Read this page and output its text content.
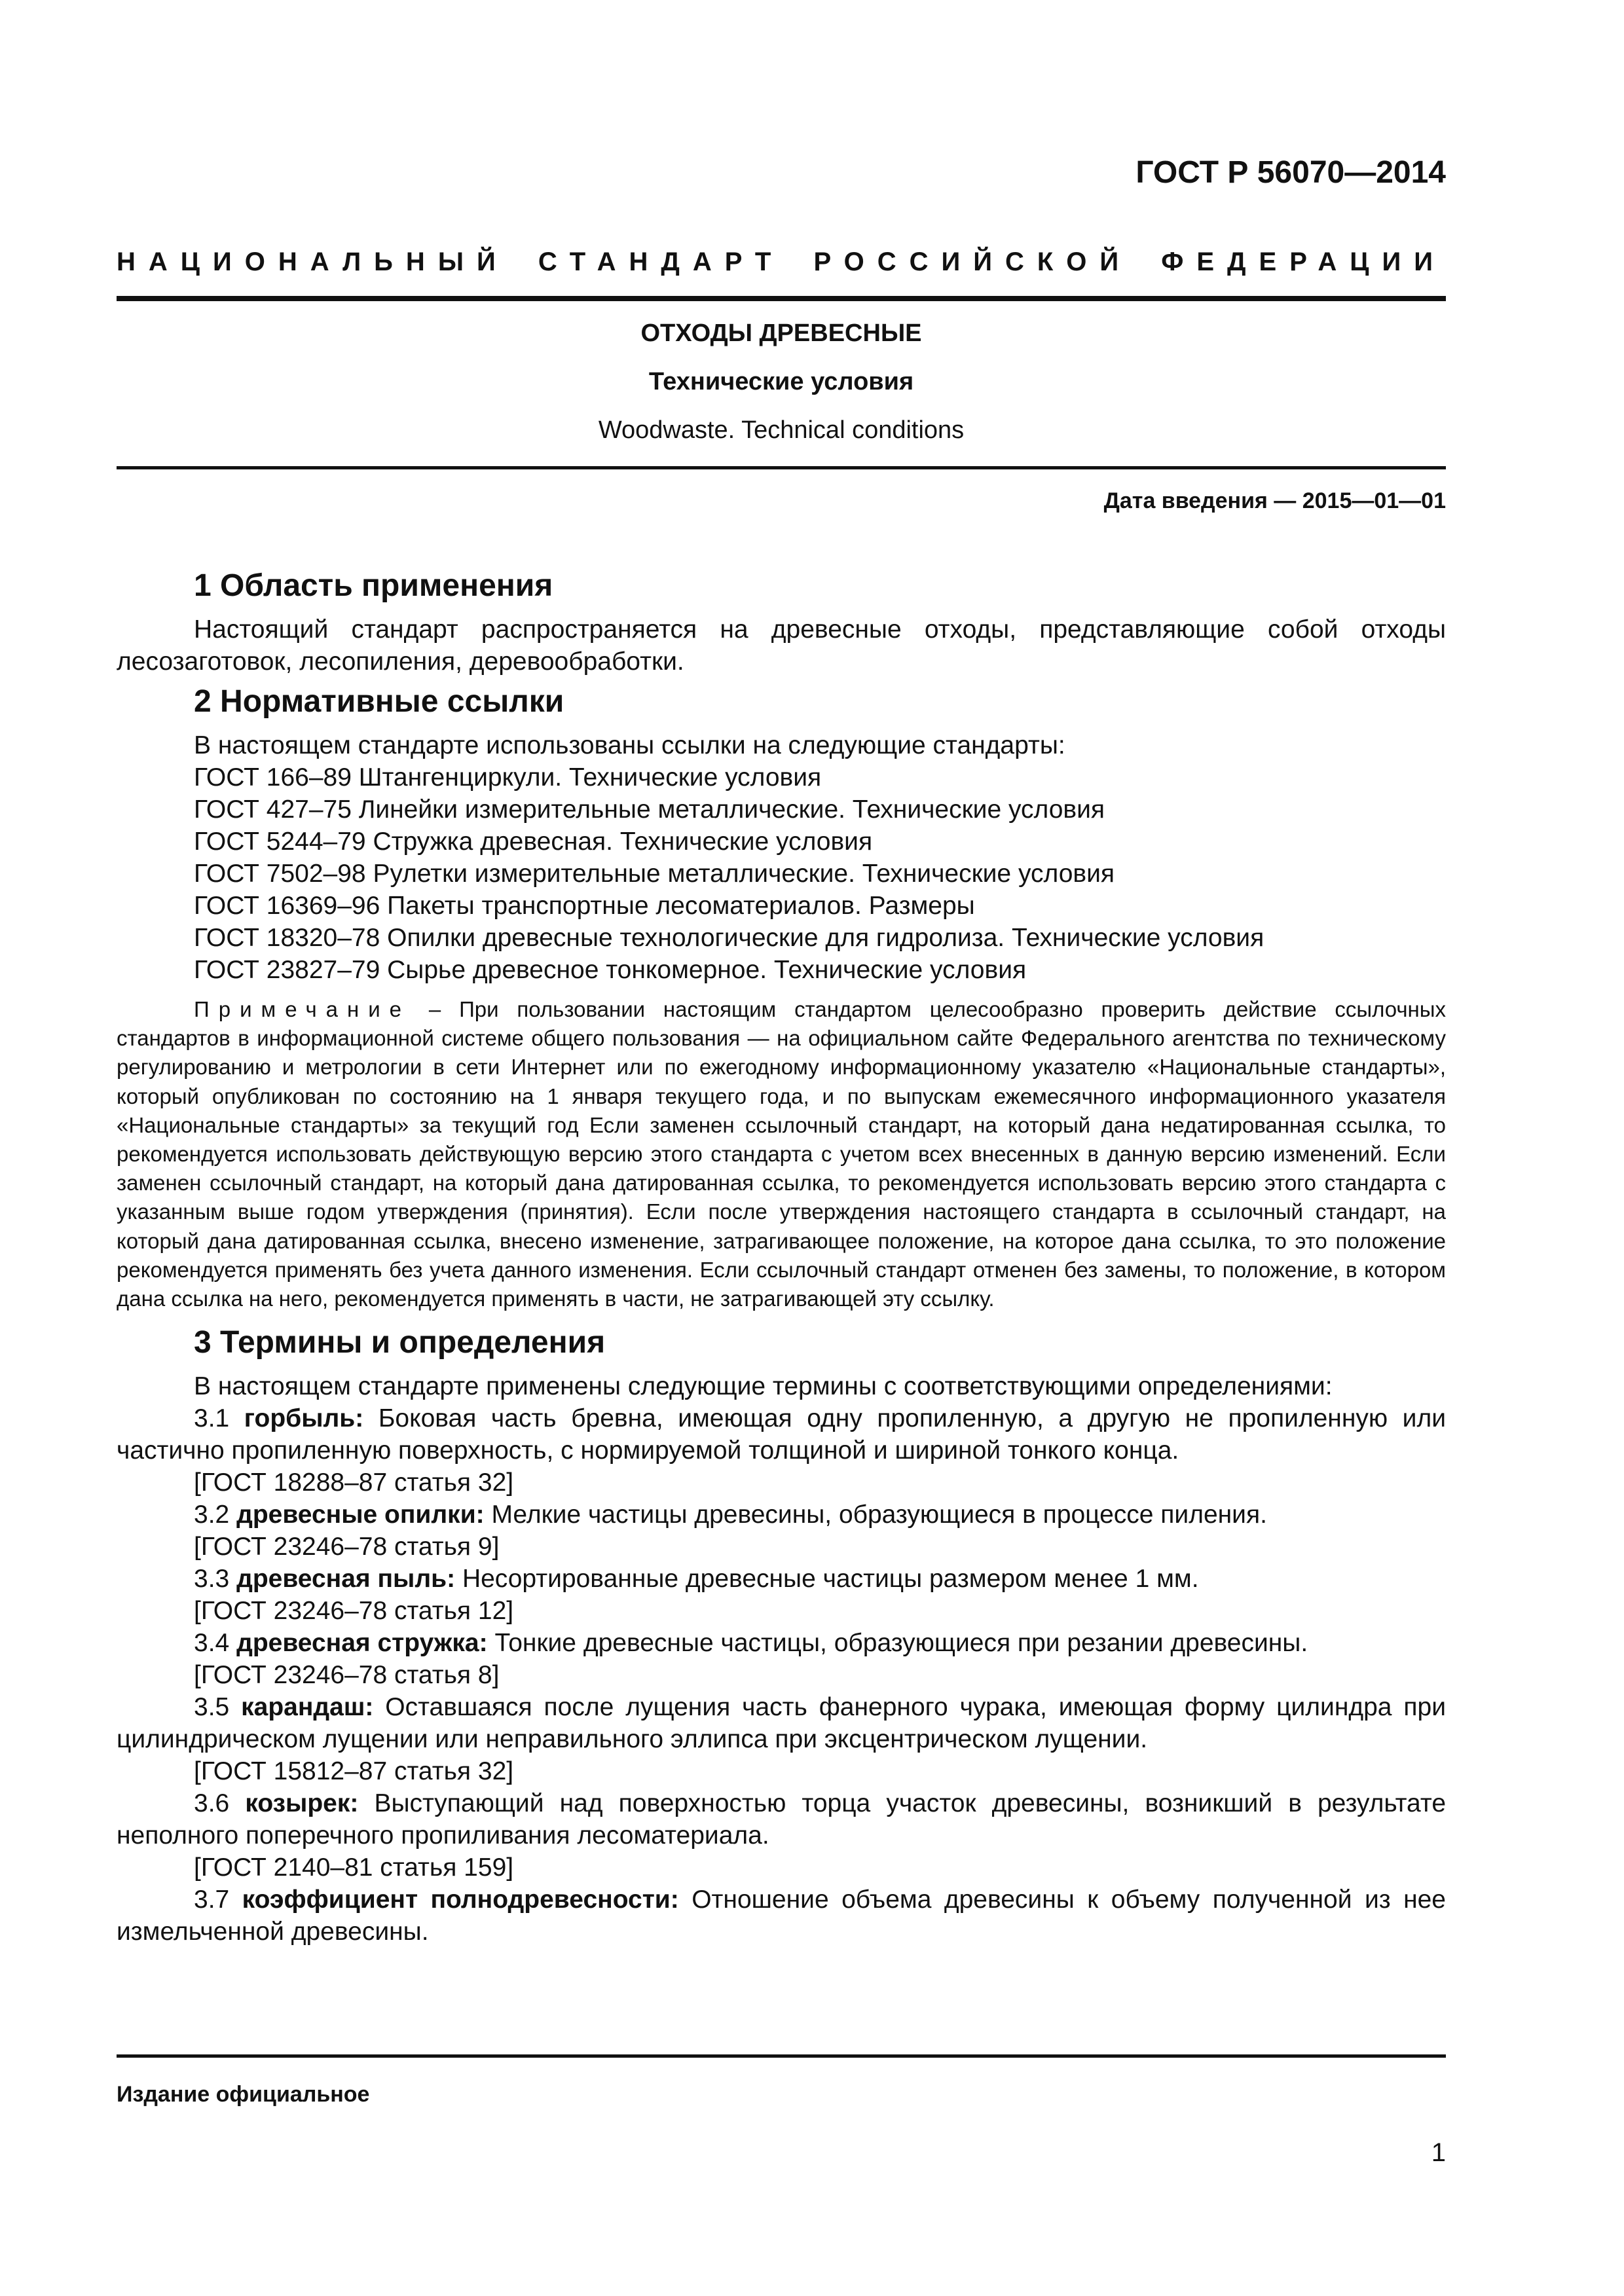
ГОСТ Р 56070—2014
НАЦИОНАЛЬНЫЙ СТАНДАРТ РОССИЙСКОЙ ФЕДЕРАЦИИ
ОТХОДЫ ДРЕВЕСНЫЕ
Технические условия
Woodwaste. Technical conditions
Дата введения — 2015—01—01
1 Область применения

Настоящий стандарт распространяется на древесные отходы, представляющие собой отходы лесозаготовок, лесопиления, деревообработки.

2 Нормативные ссылки

В настоящем стандарте использованы ссылки на следующие стандарты:

ГОСТ 166–89 Штангенциркули. Технические условия

ГОСТ 427–75 Линейки измерительные металлические. Технические условия

ГОСТ 5244–79 Стружка древесная. Технические условия

ГОСТ 7502–98 Рулетки измерительные металлические. Технические условия

ГОСТ 16369–96 Пакеты транспортные лесоматериалов. Размеры

ГОСТ 18320–78 Опилки древесные технологические для гидролиза. Технические условия

ГОСТ 23827–79 Сырье древесное тонкомерное. Технические условия

Примечание – При пользовании настоящим стандартом целесообразно проверить действие ссылочных стандартов в информационной системе общего пользования — на официальном сайте Федерального агентства по техническому регулированию и метрологии в сети Интернет или по ежегодному информационному указателю «Национальные стандарты», который опубликован по состоянию на 1 января текущего года, и по выпускам ежемесячного информационного указателя «Национальные стандарты» за текущий год Если заменен ссылочный стандарт, на который дана недатированная ссылка, то рекомендуется использовать действующую версию этого стандарта с учетом всех внесенных в данную версию изменений. Если заменен ссылочный стандарт, на который дана датированная ссылка, то рекомендуется использовать версию этого стандарта с указанным выше годом утверждения (принятия). Если после утверждения настоящего стандарта в ссылочный стандарт, на который дана датированная ссылка, внесено изменение, затрагивающее положение, на которое дана ссылка, то это положение рекомендуется применять без учета данного изменения. Если ссылочный стандарт отменен без замены, то положение, в котором дана ссылка на него, рекомендуется применять в части, не затрагивающей эту ссылку.

3 Термины и определения

В настоящем стандарте применены следующие термины с соответствующими определениями:

3.1 горбыль: Боковая часть бревна, имеющая одну пропиленную, а другую не пропиленную или частично пропиленную поверхность, с нормируемой толщиной и шириной тонкого конца.

[ГОСТ 18288–87 статья 32]

3.2 древесные опилки: Мелкие частицы древесины, образующиеся в процессе пиления.

[ГОСТ 23246–78 статья 9]

3.3 древесная пыль: Несортированные древесные частицы размером менее 1 мм.

[ГОСТ 23246–78 статья 12]

3.4 древесная стружка: Тонкие древесные частицы, образующиеся при резании древесины.

[ГОСТ 23246–78 статья 8]

3.5 карандаш: Оставшаяся после лущения часть фанерного чурака, имеющая форму цилиндра при цилиндрическом лущении или неправильного эллипса при эксцентрическом лущении.

[ГОСТ 15812–87 статья 32]

3.6 козырек: Выступающий над поверхностью торца участок древесины, возникший в результате неполного поперечного пропиливания лесоматериала.

[ГОСТ 2140–81 статья 159]

3.7 коэффициент полнодревесности: Отношение объема древесины к объему полученной из нее измельченной древесины.

Издание официальное
1
